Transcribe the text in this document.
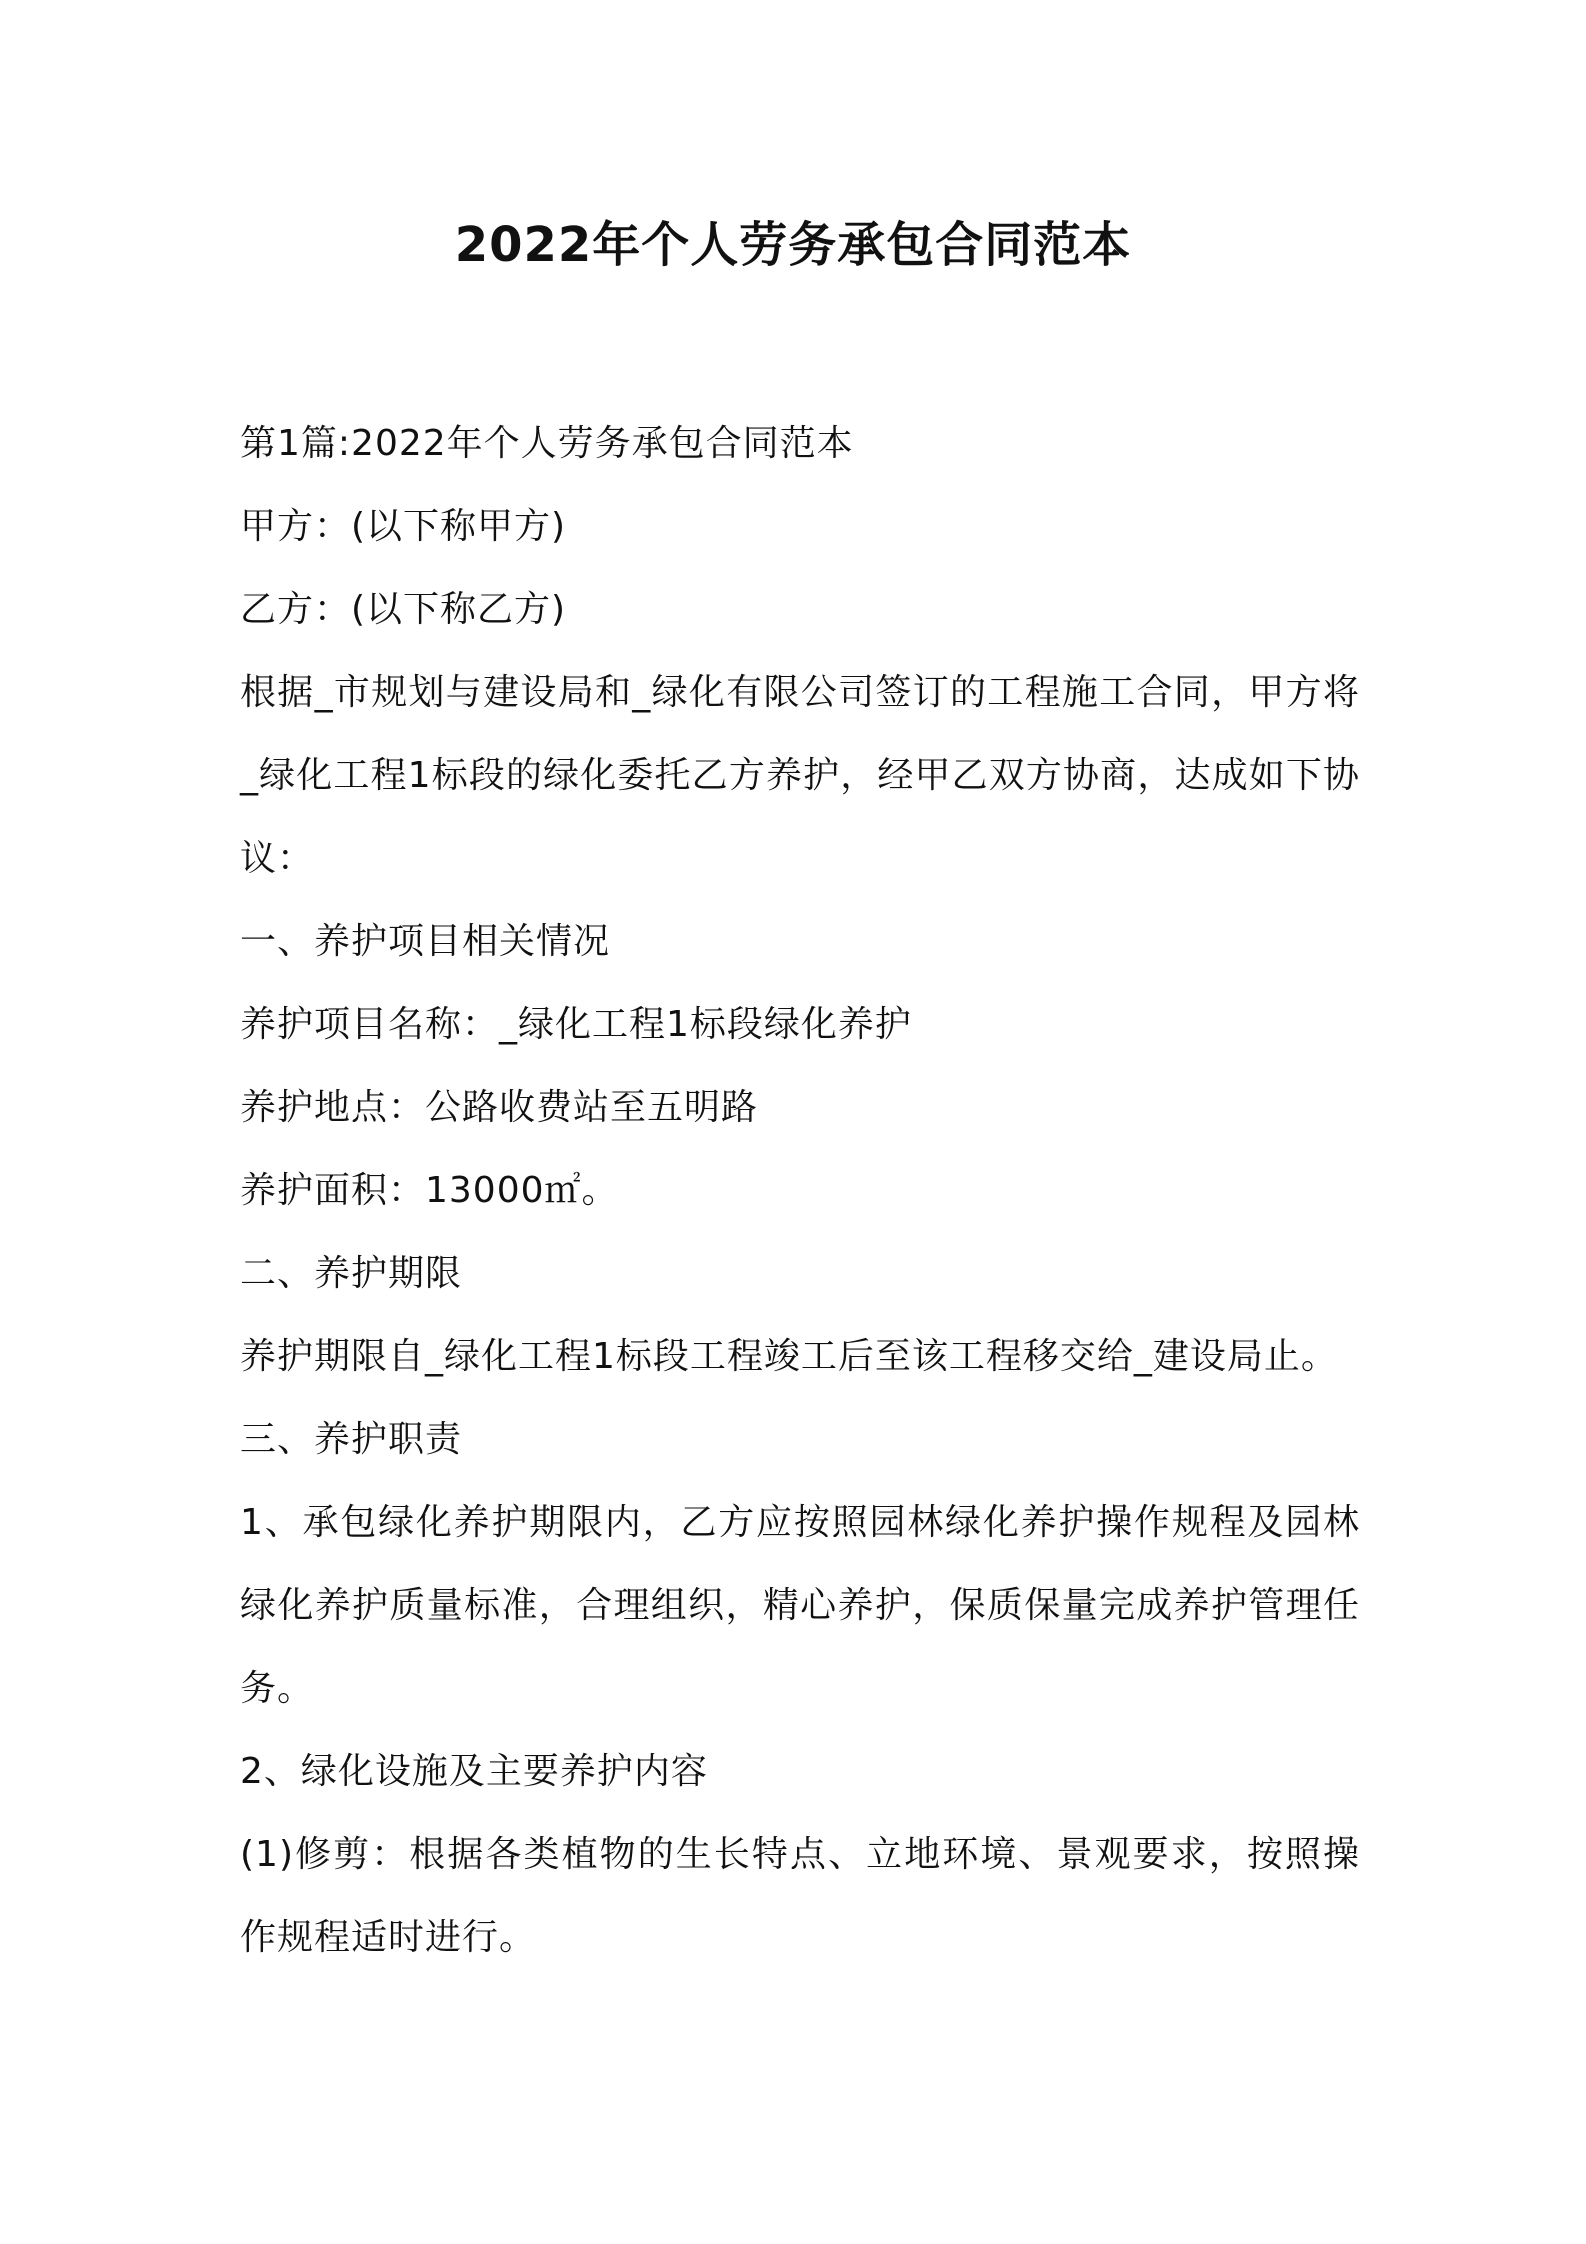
2022年个人劳务承包合同范本

第1篇:2022年个人劳务承包合同范本

甲方：(以下称甲方)

乙方：(以下称乙方)

根据_市规划与建设局和_绿化有限公司签订的工程施工合同，甲方将_绿化工程1标段的绿化委托乙方养护，经甲乙双方协商，达成如下协议：

一、养护项目相关情况

养护项目名称：_绿化工程1标段绿化养护

养护地点：公路收费站至五明路

养护面积：13000㎡。

二、养护期限

养护期限自_绿化工程1标段工程竣工后至该工程移交给_建设局止。

三、养护职责

1、承包绿化养护期限内，乙方应按照园林绿化养护操作规程及园林绿化养护质量标准，合理组织，精心养护，保质保量完成养护管理任务。

2、绿化设施及主要养护内容

(1)修剪：根据各类植物的生长特点、立地环境、景观要求，按照操作规程适时进行。
